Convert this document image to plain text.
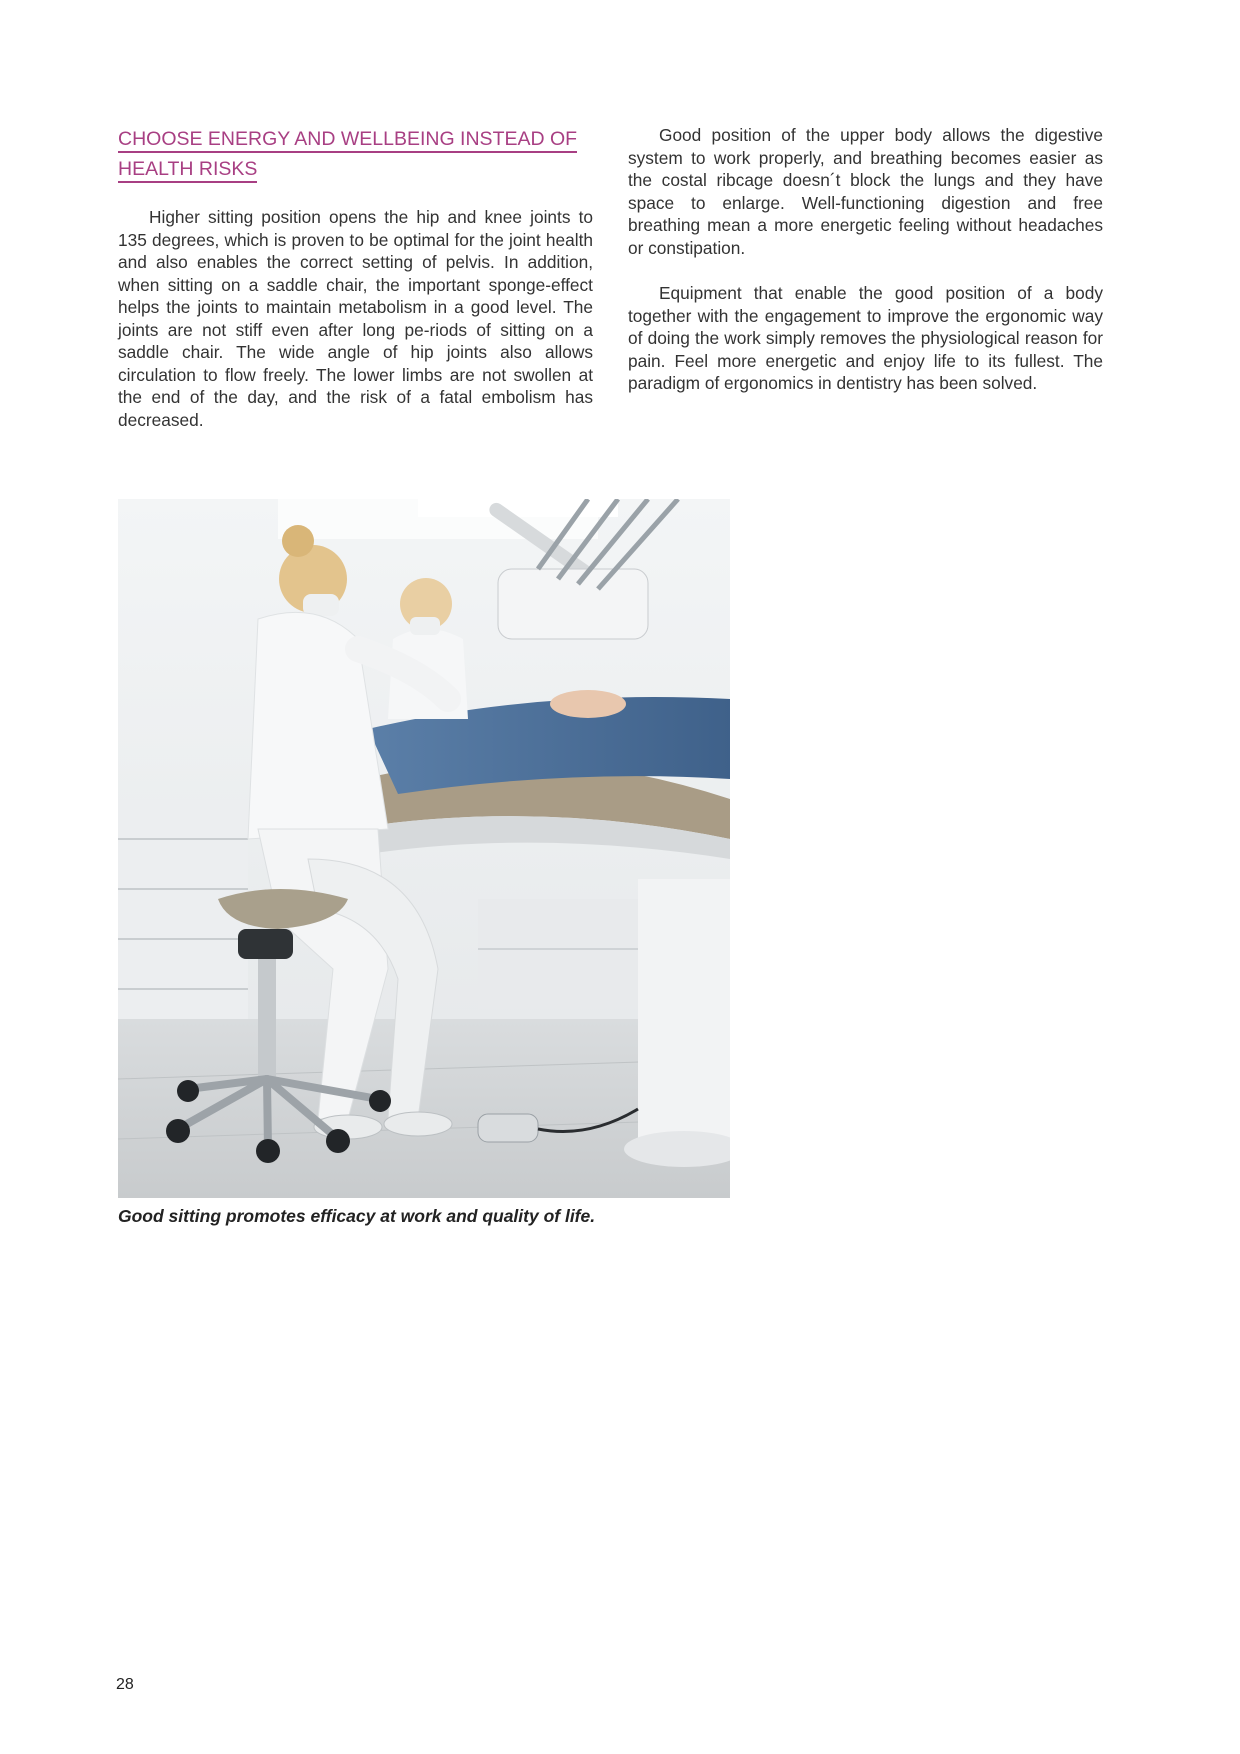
CHOOSE ENERGY AND WELLBEING INSTEAD OF HEALTH RISKS

Higher sitting position opens the hip and knee joints to 135 degrees, which is proven to be optimal for the joint health and also enables the correct setting of pelvis. In addition, when sitting on a saddle chair, the important sponge-effect helps the joints to maintain metabolism in a good level. The joints are not stiff even after long pe-riods of sitting on a saddle chair. The wide angle of hip joints also allows circulation to flow freely. The lower limbs are not swollen at the end of the day, and the risk of a fatal embolism has decreased.

Good position of the upper body allows the digestive system to work properly, and breathing becomes easier as the costal ribcage doesn´t block the lungs and they have space to enlarge. Well-functioning digestion and free breathing mean a more energetic feeling without headaches or constipation.

Equipment that enable the good position of a body together with the engagement to improve the ergonomic way of doing the work simply removes the physiological reason for pain. Feel more energetic and enjoy life to its fullest. The paradigm of ergonomics in dentistry has been solved.

Good sitting promotes efficacy at work and quality of life.
28
